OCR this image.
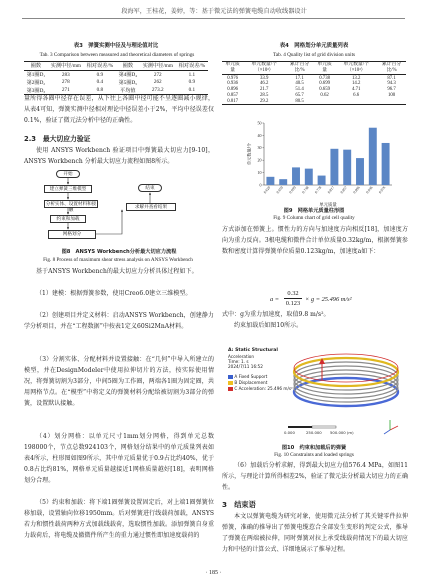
段海军，王桂花，姜婷，等：基于微元法的弹簧电缆自动收线器设计
表3　弹簧实测中径及与理论值对比
Tab. 3 Comparison between measured and theoretical diameters of springs
圈数	实测中径/mm	相对误差/%	圈数	实测中径/mm	相对误差/%
第1圈D₁	283	0.9	第4圈D₄	272	1.1
第2圈D₂	278	0.4	第5圈D₅	262	0.9
第3圈D₃	271	0.8	平均值	273.2	0.1
量所得各圈中径存在误差，从下往上各圈中径可能不呈逐圈减小规律，从表4可知，弹簧实测中径相对理论中径误差小于2%，平均中径误差仅0.1%，验证了微元法分析中径的正确性。
2.3　最大切应力验证
使用 ANSYS Workbench 验证项目中弹簧最大切应力[9-10]，ANSYS Workbench 分析最大切应力流程如图8所示。
开始
建立弹簧三维模型
分析实体、设置材料和接触
约束和加载
网格划分
结束
求解并查看结果
图8　ANSYS Workbench分析最大切应力流程
Fig. 8 Process of maximum shear stress analysis on ANSYS Workbench
基于ANSYS Workbench的最大切应力分析具体过程如下。
（1）建模：根据弹簧参数，使用Creo6.0建立三维模型。
（2）创建项目并定义材料：启动ANSYS Workbench，创建静力学分析项目，并在“工程数据”中按表1定义60Si2MnA材料。
（3）分割实体、分配材料并设置接触：在“几何”中导入所建立的模型，并在DesignModeler中使用拉伸切片的方法，按实际使用情况，将弹簧切割为3部分，中间5圈为工作圈，两端各1圈为固定圈，共用网格节点。在“模型”中将定义的弹簧材料分配给被切割为3部分的弹簧，设置默认接触。
（4）划分网格：以单元尺寸1mm划分网格，得到单元总数198000个，节点总数924103个，网格划分结果中的单元质量列表如表4所示，柱形图如图9所示，其中单元质量优于0.9占比约40%，优于0.8占比约81%，网格单元质量越接近1网格质量越好[18]，表明网格划分合理。
（5）约束和加载：将下端1圈弹簧设置固定后，对上端1圈弹簧位移加载，设置轴向位移1950mm。后对弹簧进行线载荷加载，ANSYS 若力和惯性载荷两种方式加载线载荷，选取惯性加载。添加弹簧自身重力载荷后，将电缆及撤微件所产生的重力通过惯性即加速度载荷的
表4　网格划分单元质量列表
Tab. 4 Quality list of grid division units
单元质量	单元数量/个（×10³）	累计百分比/%	单元质量	单元数量/个（×10³）	累计百分比/%
0.976	33.9	17.1	0.738	13.2	87.1
0.936	46.2	40.5	0.699	14.2	94.3
0.896	21.7	51.4	0.659	4.71	96.7
0.857	28.5	65.7	0.62	6.6	100
0.817	29.2	80.5			
0
10
20
30
40
50
0.620 0.659 0.699 0.738 0.778 0.817 0.857 0.896 0.936 0.976
单元质量
单元数量/个
图9　网格单元质量柱形图
Fig. 9 Column chart of grid cell quality
方式添加在弹簧上。惯性力的方向与加速度方向相反[18]，加速度方向为重力反向。3根电缆和微件合计单位质量0.32kg/m，根据弹簧参数和密度计算得弹簧单位质量0.123kg/m，加速度a如下：
a =
0.32
0.123
× g = 25.496 m/s²
式中：g为重力加速度，取值9.8 m/s²。
约束加载后如图10所示。
A: Static Structural
Acceleration
Time: 1. s
2024/7/11 16:52
A Fixed Support
B Displacement
C Acceleration: 25.496 m/s²
0.000	250.000 500.000 (m)
图10　约束和加载后的弹簧
Fig. 10 Constraints and loaded springs
（6）加载后分析求解，得到最大切应力值576.4 MPa，如图11所示，与理论计算所得相差2%，验证了微元法分析最大切应力的正确性。
3　结束语
本文以弹簧电缆为研究对象，使用微元法分析了其关键零件拉伸弹簧，准确的推导出了弹簧电缆惹合全部发生变形的判定公式，推导了弹簧在两端被拉伸，同时弹簧对拉上承受线载荷情况下的最大切应力和中径的计算公式、详细地展示了推导过程。
· 185 ·
